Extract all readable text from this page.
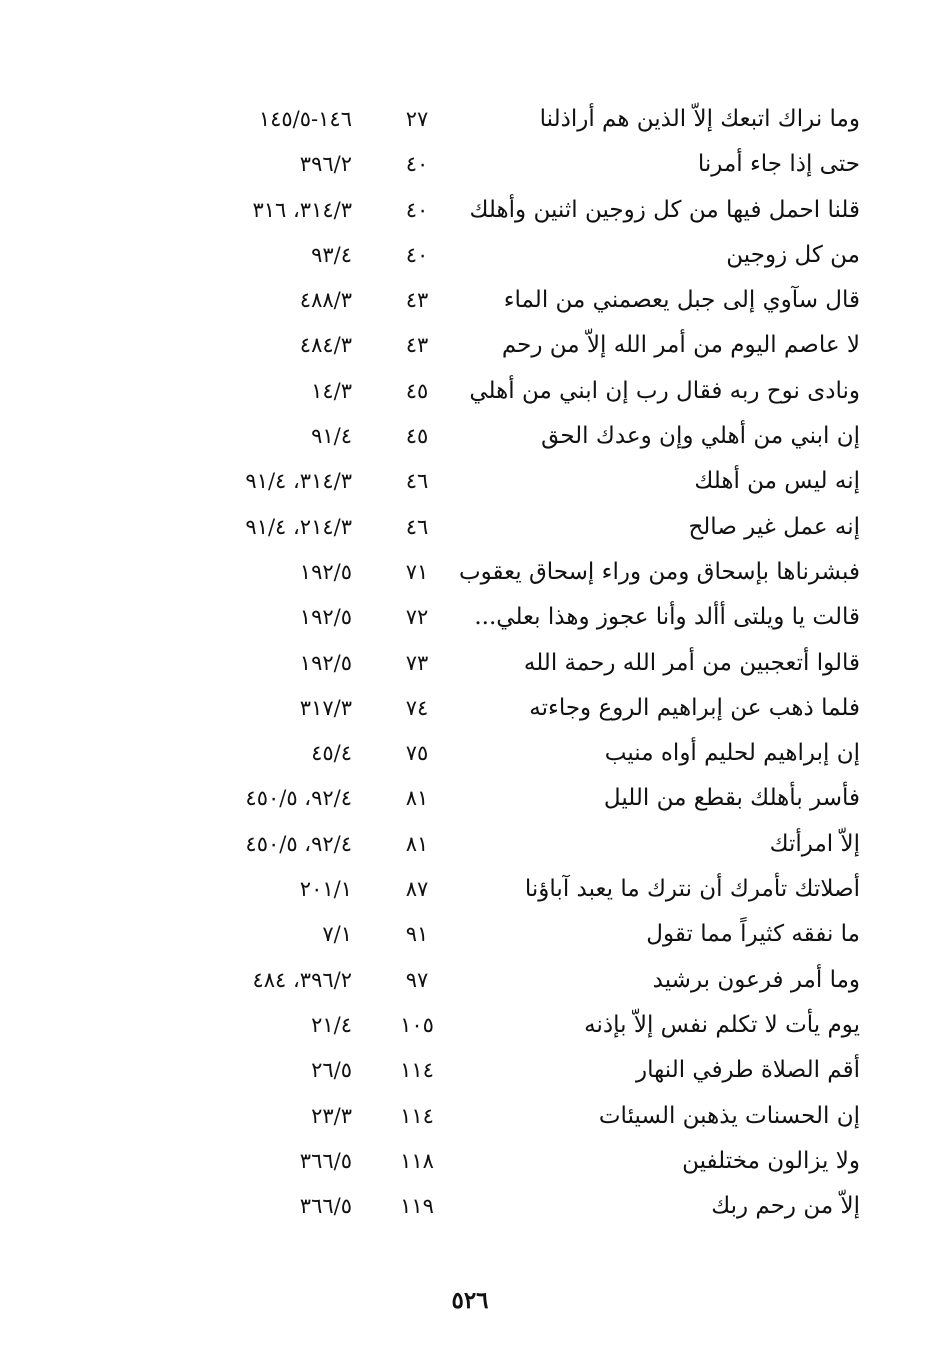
وما نراك اتبعك إلاّ الذين هم أراذلنا
٢٧
١٤٦-١٤٥/٥
حتى إذا جاء أمرنا
٤٠
٣٩٦/٢
قلنا احمل فيها من كل زوجين اثنين وأهلك
٤٠
٣١٤/٣، ٣١٦
من كل زوجين
٤٠
٩٣/٤
قال سآوي إلى جبل يعصمني من الماء
٤٣
٤٨٨/٣
لا عاصم اليوم من أمر الله إلاّ من رحم
٤٣
٤٨٤/٣
ونادى نوح ربه فقال رب إن ابني من أهلي
٤٥
١٤/٣
إن ابني من أهلي وإن وعدك الحق
٤٥
٩١/٤
إنه ليس من أهلك
٤٦
٣١٤/٣، ٩١/٤
إنه عمل غير صالح
٤٦
٢١٤/٣، ٩١/٤
فبشرناها بإسحاق ومن وراء إسحاق يعقوب
٧١
١٩٢/٥
قالت يا ويلتى أألد وأنا عجوز وهذا بعلي...
٧٢
١٩٢/٥
قالوا أتعجبين من أمر الله رحمة الله
٧٣
١٩٢/٥
فلما ذهب عن إبراهيم الروع وجاءته
٧٤
٣١٧/٣
إن إبراهيم لحليم أواه منيب
٧٥
٤٥/٤
فأسر بأهلك بقطع من الليل
٨١
٩٢/٤، ٤٥٠/٥
إلاّ امرأتك
٨١
٩٢/٤، ٤٥٠/٥
أصلاتك تأمرك أن نترك ما يعبد آباؤنا
٨٧
٢٠١/١
ما نفقه كثيراً مما تقول
٩١
٧/١
وما أمر فرعون برشيد
٩٧
٣٩٦/٢، ٤٨٤
يوم يأت لا تكلم نفس إلاّ بإذنه
١٠٥
٢١/٤
أقم الصلاة طرفي النهار
١١٤
٢٦/٥
إن الحسنات يذهبن السيئات
١١٤
٢٣/٣
ولا يزالون مختلفين
١١٨
٣٦٦/٥
إلاّ من رحم ربك
١١٩
٣٦٦/٥
٥٢٦
